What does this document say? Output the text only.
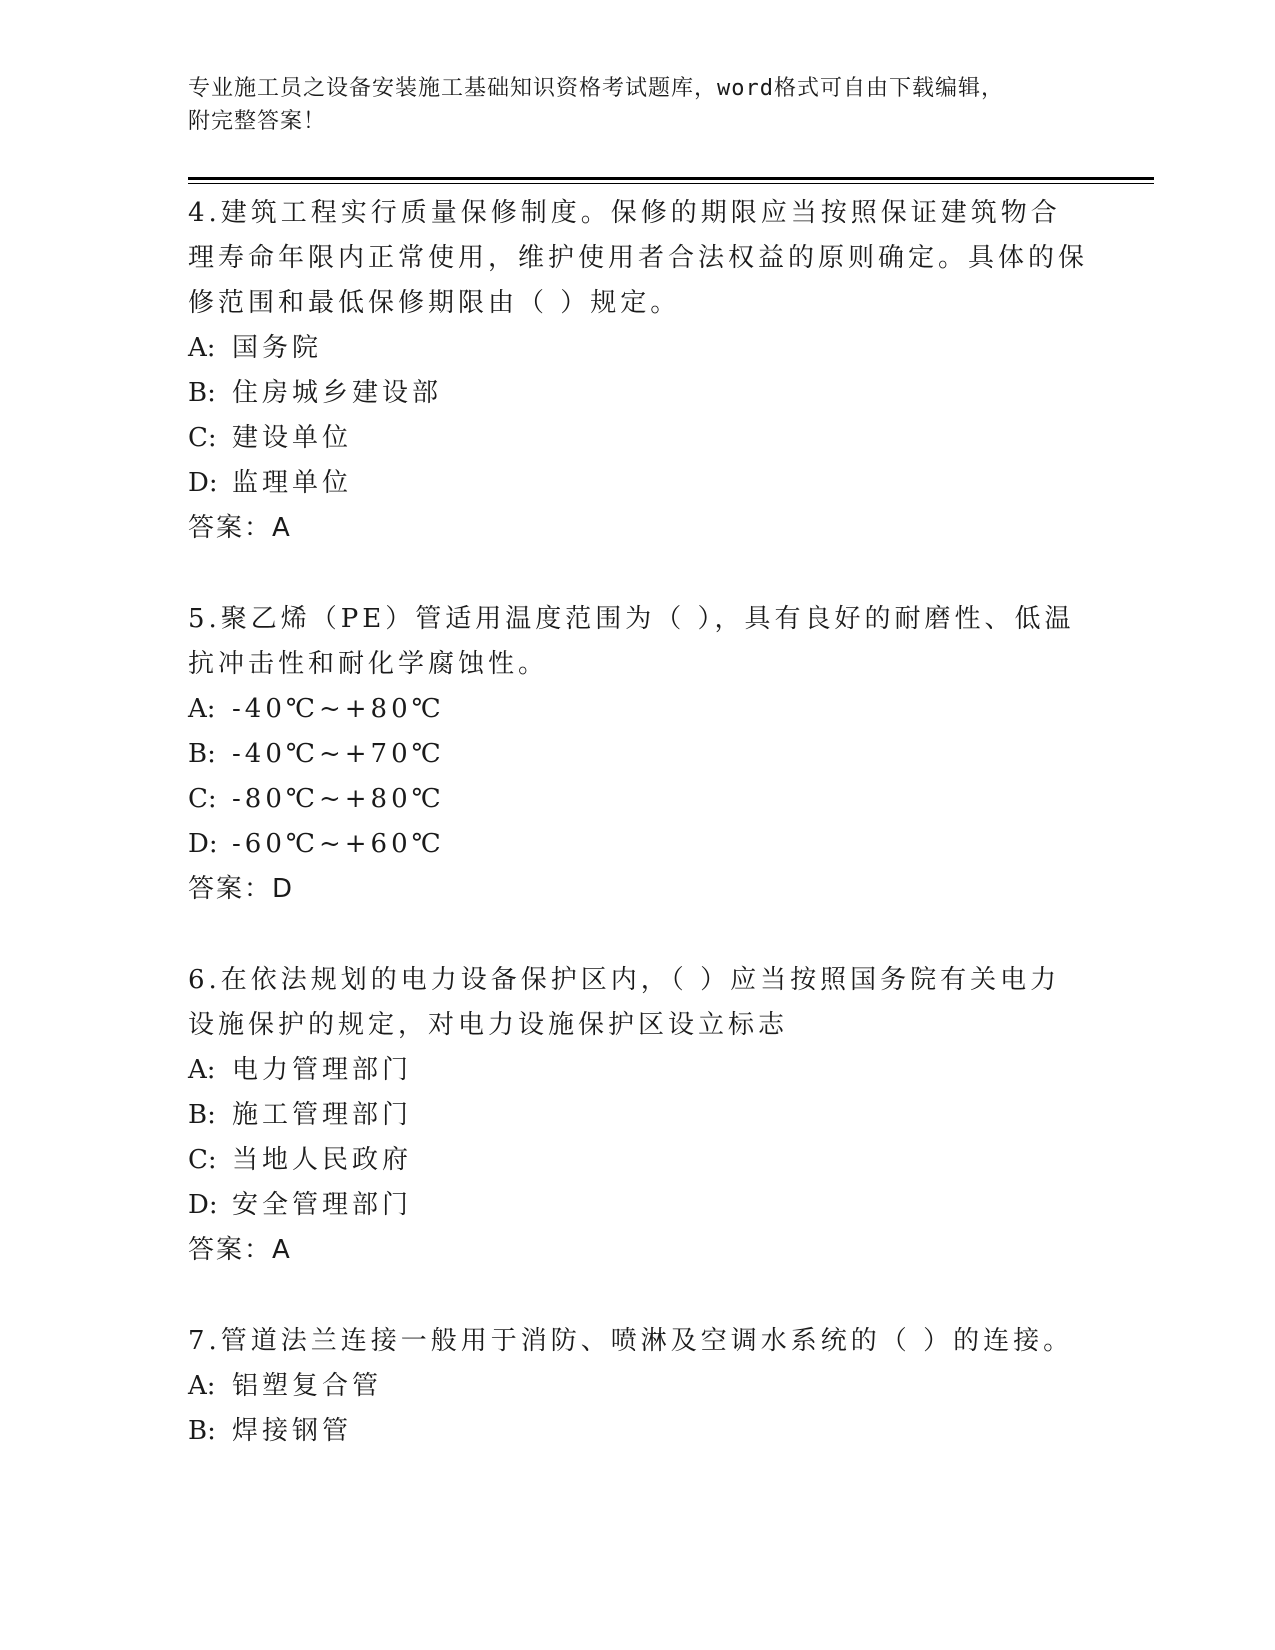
专业施工员之设备安装施工基础知识资格考试题库，word格式可自由下载编辑，
附完整答案！

4.建筑工程实行质量保修制度。保修的期限应当按照保证建筑物合理寿命年限内正常使用，维护使用者合法权益的原则确定。具体的保修范围和最低保修期限由（ ）规定。

A: 国务院

B: 住房城乡建设部

C: 建设单位

D: 监理单位

答案：A

5.聚乙烯（PE）管适用温度范围为（ ），具有良好的耐磨性、低温抗冲击性和耐化学腐蚀性。

A: -40℃~+80℃

B: -40℃~+70℃

C: -80℃~+80℃

D: -60℃~+60℃

答案：D

6.在依法规划的电力设备保护区内，（ ）应当按照国务院有关电力设施保护的规定，对电力设施保护区设立标志

A: 电力管理部门

B: 施工管理部门

C: 当地人民政府

D: 安全管理部门

答案：A

7.管道法兰连接一般用于消防、喷淋及空调水系统的（ ）的连接。

A: 铝塑复合管

B: 焊接钢管
